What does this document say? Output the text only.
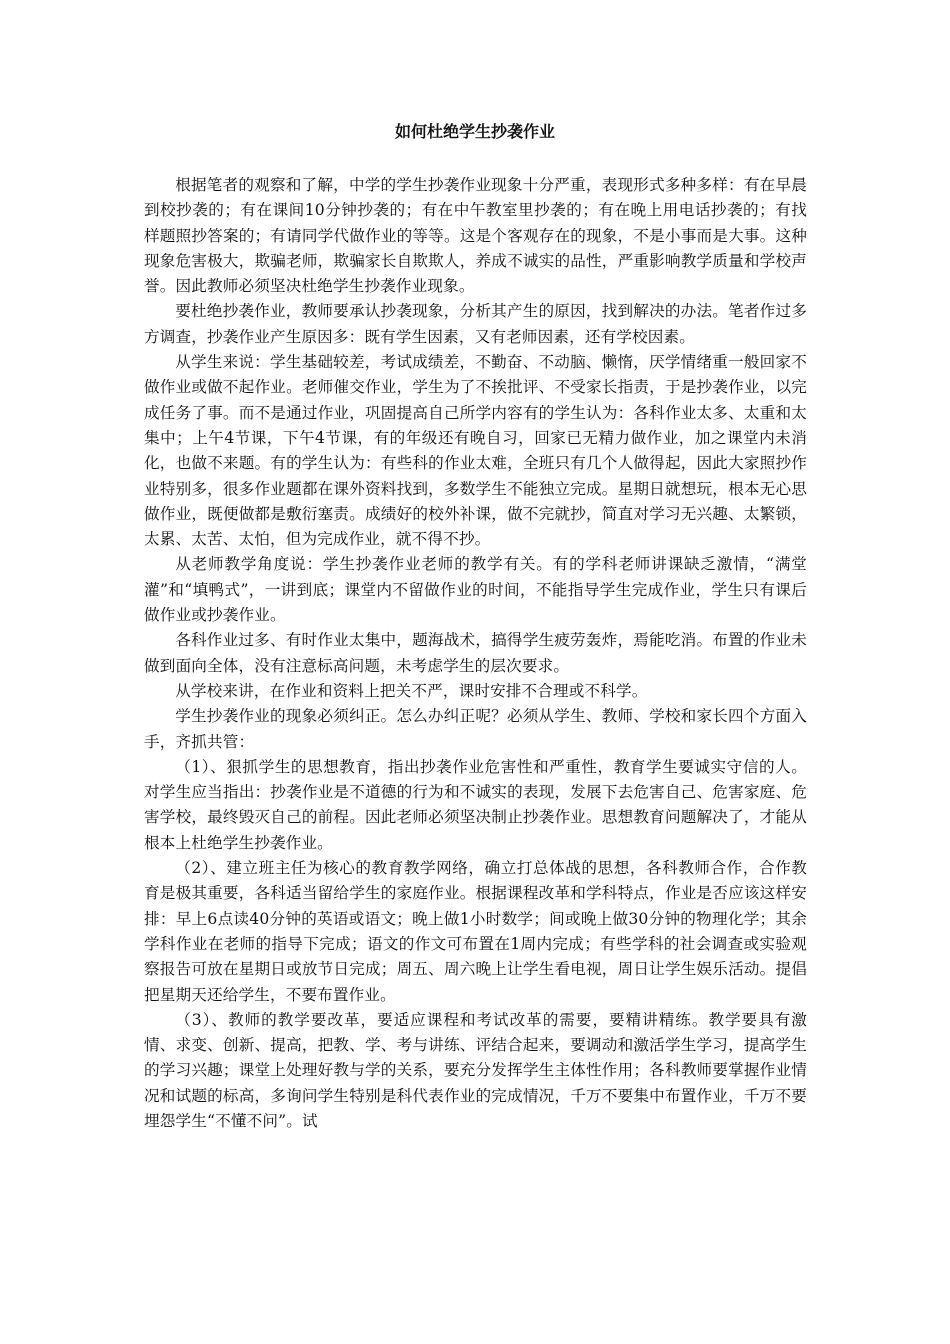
如何杜绝学生抄袭作业

根据笔者的观察和了解，中学的学生抄袭作业现象十分严重，表现形式多种多样：有在早晨到校抄袭的；有在课间10分钟抄袭的；有在中午教室里抄袭的；有在晚上用电话抄袭的；有找样题照抄答案的；有请同学代做作业的等等。这是个客观存在的现象，不是小事而是大事。这种现象危害极大，欺骗老师，欺骗家长自欺欺人，养成不诚实的品性，严重影响教学质量和学校声誉。因此教师必须坚决杜绝学生抄袭作业现象。

要杜绝抄袭作业，教师要承认抄袭现象，分析其产生的原因，找到解决的办法。笔者作过多方调查，抄袭作业产生原因多：既有学生因素，又有老师因素，还有学校因素。

从学生来说：学生基础较差，考试成绩差，不勤奋、不动脑、懒惰，厌学情绪重一般回家不做作业或做不起作业。老师催交作业，学生为了不挨批评、不受家长指责，于是抄袭作业，以完成任务了事。而不是通过作业，巩固提高自己所学内容有的学生认为：各科作业太多、太重和太集中；上午4节课，下午4节课，有的年级还有晚自习，回家已无精力做作业，加之课堂内未消化，也做不来题。有的学生认为：有些科的作业太难，全班只有几个人做得起，因此大家照抄作业特别多，很多作业题都在课外资料找到，多数学生不能独立完成。星期日就想玩，根本无心思做作业，既便做都是敷衍塞责。成绩好的校外补课，做不完就抄，简直对学习无兴趣、太繁锁，太累、太苦、太怕，但为完成作业，就不得不抄。

从老师教学角度说：学生抄袭作业老师的教学有关。有的学科老师讲课缺乏激情，“满堂灌”和“填鸭式”，一讲到底；课堂内不留做作业的时间，不能指导学生完成作业，学生只有课后做作业或抄袭作业。

各科作业过多、有时作业太集中，题海战术，搞得学生疲劳轰炸，焉能吃消。布置的作业未做到面向全体，没有注意标高问题，未考虑学生的层次要求。

从学校来讲，在作业和资料上把关不严，课时安排不合理或不科学。

学生抄袭作业的现象必须纠正。怎么办纠正呢？必须从学生、教师、学校和家长四个方面入手，齐抓共管：

（1）、狠抓学生的思想教育，指出抄袭作业危害性和严重性，教育学生要诚实守信的人。对学生应当指出：抄袭作业是不道德的行为和不诚实的表现，发展下去危害自己、危害家庭、危害学校，最终毁灭自己的前程。因此老师必须坚决制止抄袭作业。思想教育问题解决了，才能从根本上杜绝学生抄袭作业。

（2）、建立班主任为核心的教育教学网络，确立打总体战的思想，各科教师合作，合作教育是极其重要，各科适当留给学生的家庭作业。根据课程改革和学科特点，作业是否应该这样安排：早上6点读40分钟的英语或语文；晚上做1小时数学；间或晚上做30分钟的物理化学；其余学科作业在老师的指导下完成；语文的作文可布置在1周内完成；有些学科的社会调查或实验观察报告可放在星期日或放节日完成；周五、周六晚上让学生看电视，周日让学生娱乐活动。提倡把星期天还给学生，不要布置作业。

（3）、教师的教学要改革，要适应课程和考试改革的需要，要精讲精练。教学要具有激情、求变、创新、提高，把教、学、考与讲练、评结合起来，要调动和激活学生学习，提高学生的学习兴趣；课堂上处理好教与学的关系，要充分发挥学生主体性作用；各科教师要掌握作业情况和试题的标高，多询问学生特别是科代表作业的完成情况，千万不要集中布置作业，千万不要埋怨学生“不懂不问”。试
